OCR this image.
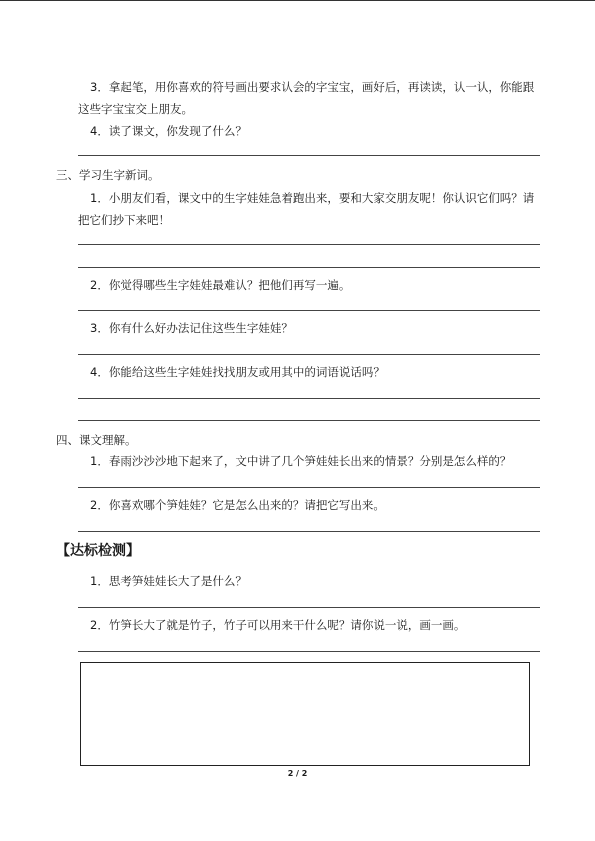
3．拿起笔，用你喜欢的符号画出要求认会的字宝宝，画好后，再读读，认一认，你能跟
这些字宝宝交上朋友。
4．读了课文，你发现了什么？
三、学习生字新词。
1．小朋友们看，课文中的生字娃娃急着跑出来，要和大家交朋友呢！你认识它们吗？请
把它们抄下来吧！
2．你觉得哪些生字娃娃最难认？把他们再写一遍。
3．你有什么好办法记住这些生字娃娃？
4．你能给这些生字娃娃找找朋友或用其中的词语说话吗？
四、课文理解。
1．春雨沙沙沙地下起来了，文中讲了几个笋娃娃长出来的情景？分别是怎么样的？
2．你喜欢哪个笋娃娃？它是怎么出来的？请把它写出来。
【达标检测】
1．思考笋娃娃长大了是什么？
2．竹笋长大了就是竹子，竹子可以用来干什么呢？请你说一说，画一画。
2 / 2
